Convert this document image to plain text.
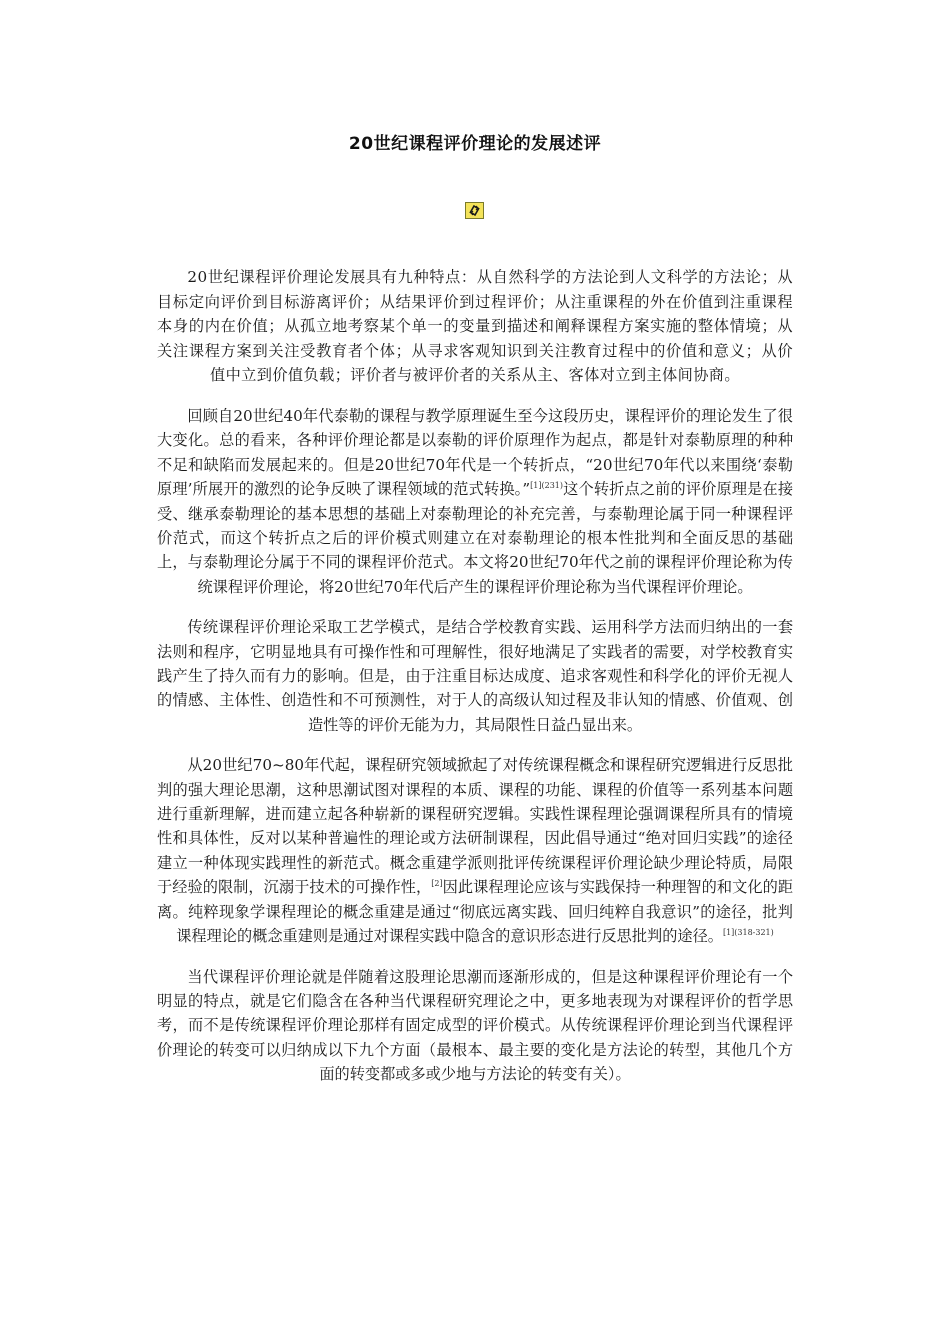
20世纪课程评价理论的发展述评

20世纪课程评价理论发展具有九种特点：从自然科学的方法论到人文科学的方法论；从目标定向评价到目标游离评价；从结果评价到过程评价；从注重课程的外在价值到注重课程本身的内在价值；从孤立地考察某个单一的变量到描述和阐释课程方案实施的整体情境；从关注课程方案到关注受教育者个体；从寻求客观知识到关注教育过程中的价值和意义；从价值中立到价值负载；评价者与被评价者的关系从主、客体对立到主体间协商。

回顾自20世纪40年代泰勒的课程与教学原理诞生至今这段历史，课程评价的理论发生了很大变化。总的看来，各种评价理论都是以泰勒的评价原理作为起点，都是针对泰勒原理的种种不足和缺陷而发展起来的。但是20世纪70年代是一个转折点，“20世纪70年代以来围绕‘泰勒原理’所展开的激烈的论争反映了课程领域的范式转换。”$^{[1](231)}$这个转折点之前的评价原理是在接受、继承泰勒理论的基本思想的基础上对泰勒理论的补充完善，与泰勒理论属于同一种课程评价范式，而这个转折点之后的评价模式则建立在对泰勒理论的根本性批判和全面反思的基础上，与泰勒理论分属于不同的课程评价范式。本文将20世纪70年代之前的课程评价理论称为传统课程评价理论，将20世纪70年代后产生的课程评价理论称为当代课程评价理论。

传统课程评价理论采取工艺学模式，是结合学校教育实践、运用科学方法而归纳出的一套法则和程序，它明显地具有可操作性和可理解性，很好地满足了实践者的需要，对学校教育实践产生了持久而有力的影响。但是，由于注重目标达成度、追求客观性和科学化的评价无视人的情感、主体性、创造性和不可预测性，对于人的高级认知过程及非认知的情感、价值观、创造性等的评价无能为力，其局限性日益凸显出来。

从20世纪70~80年代起，课程研究领域掀起了对传统课程概念和课程研究逻辑进行反思批判的强大理论思潮，这种思潮试图对课程的本质、课程的功能、课程的价值等一系列基本问题进行重新理解，进而建立起各种崭新的课程研究逻辑。实践性课程理论强调课程所具有的情境性和具体性，反对以某种普遍性的理论或方法研制课程，因此倡导通过“绝对回归实践”的途径建立一种体现实践理性的新范式。概念重建学派则批评传统课程评价理论缺少理论特质，局限于经验的限制，沉溺于技术的可操作性，[2]因此课程理论应该与实践保持一种理智的和文化的距离。纯粹现象学课程理论的概念重建是通过“彻底远离实践、回归纯粹自我意识”的途径，批判课程理论的概念重建则是通过对课程实践中隐含的意识形态进行反思批判的途径。$^{[1](318-321)}$

当代课程评价理论就是伴随着这股理论思潮而逐渐形成的，但是这种课程评价理论有一个明显的特点，就是它们隐含在各种当代课程研究理论之中，更多地表现为对课程评价的哲学思考，而不是传统课程评价理论那样有固定成型的评价模式。从传统课程评价理论到当代课程评价理论的转变可以归纳成以下九个方面（最根本、最主要的变化是方法论的转型，其他几个方面的转变都或多或少地与方法论的转变有关）。
